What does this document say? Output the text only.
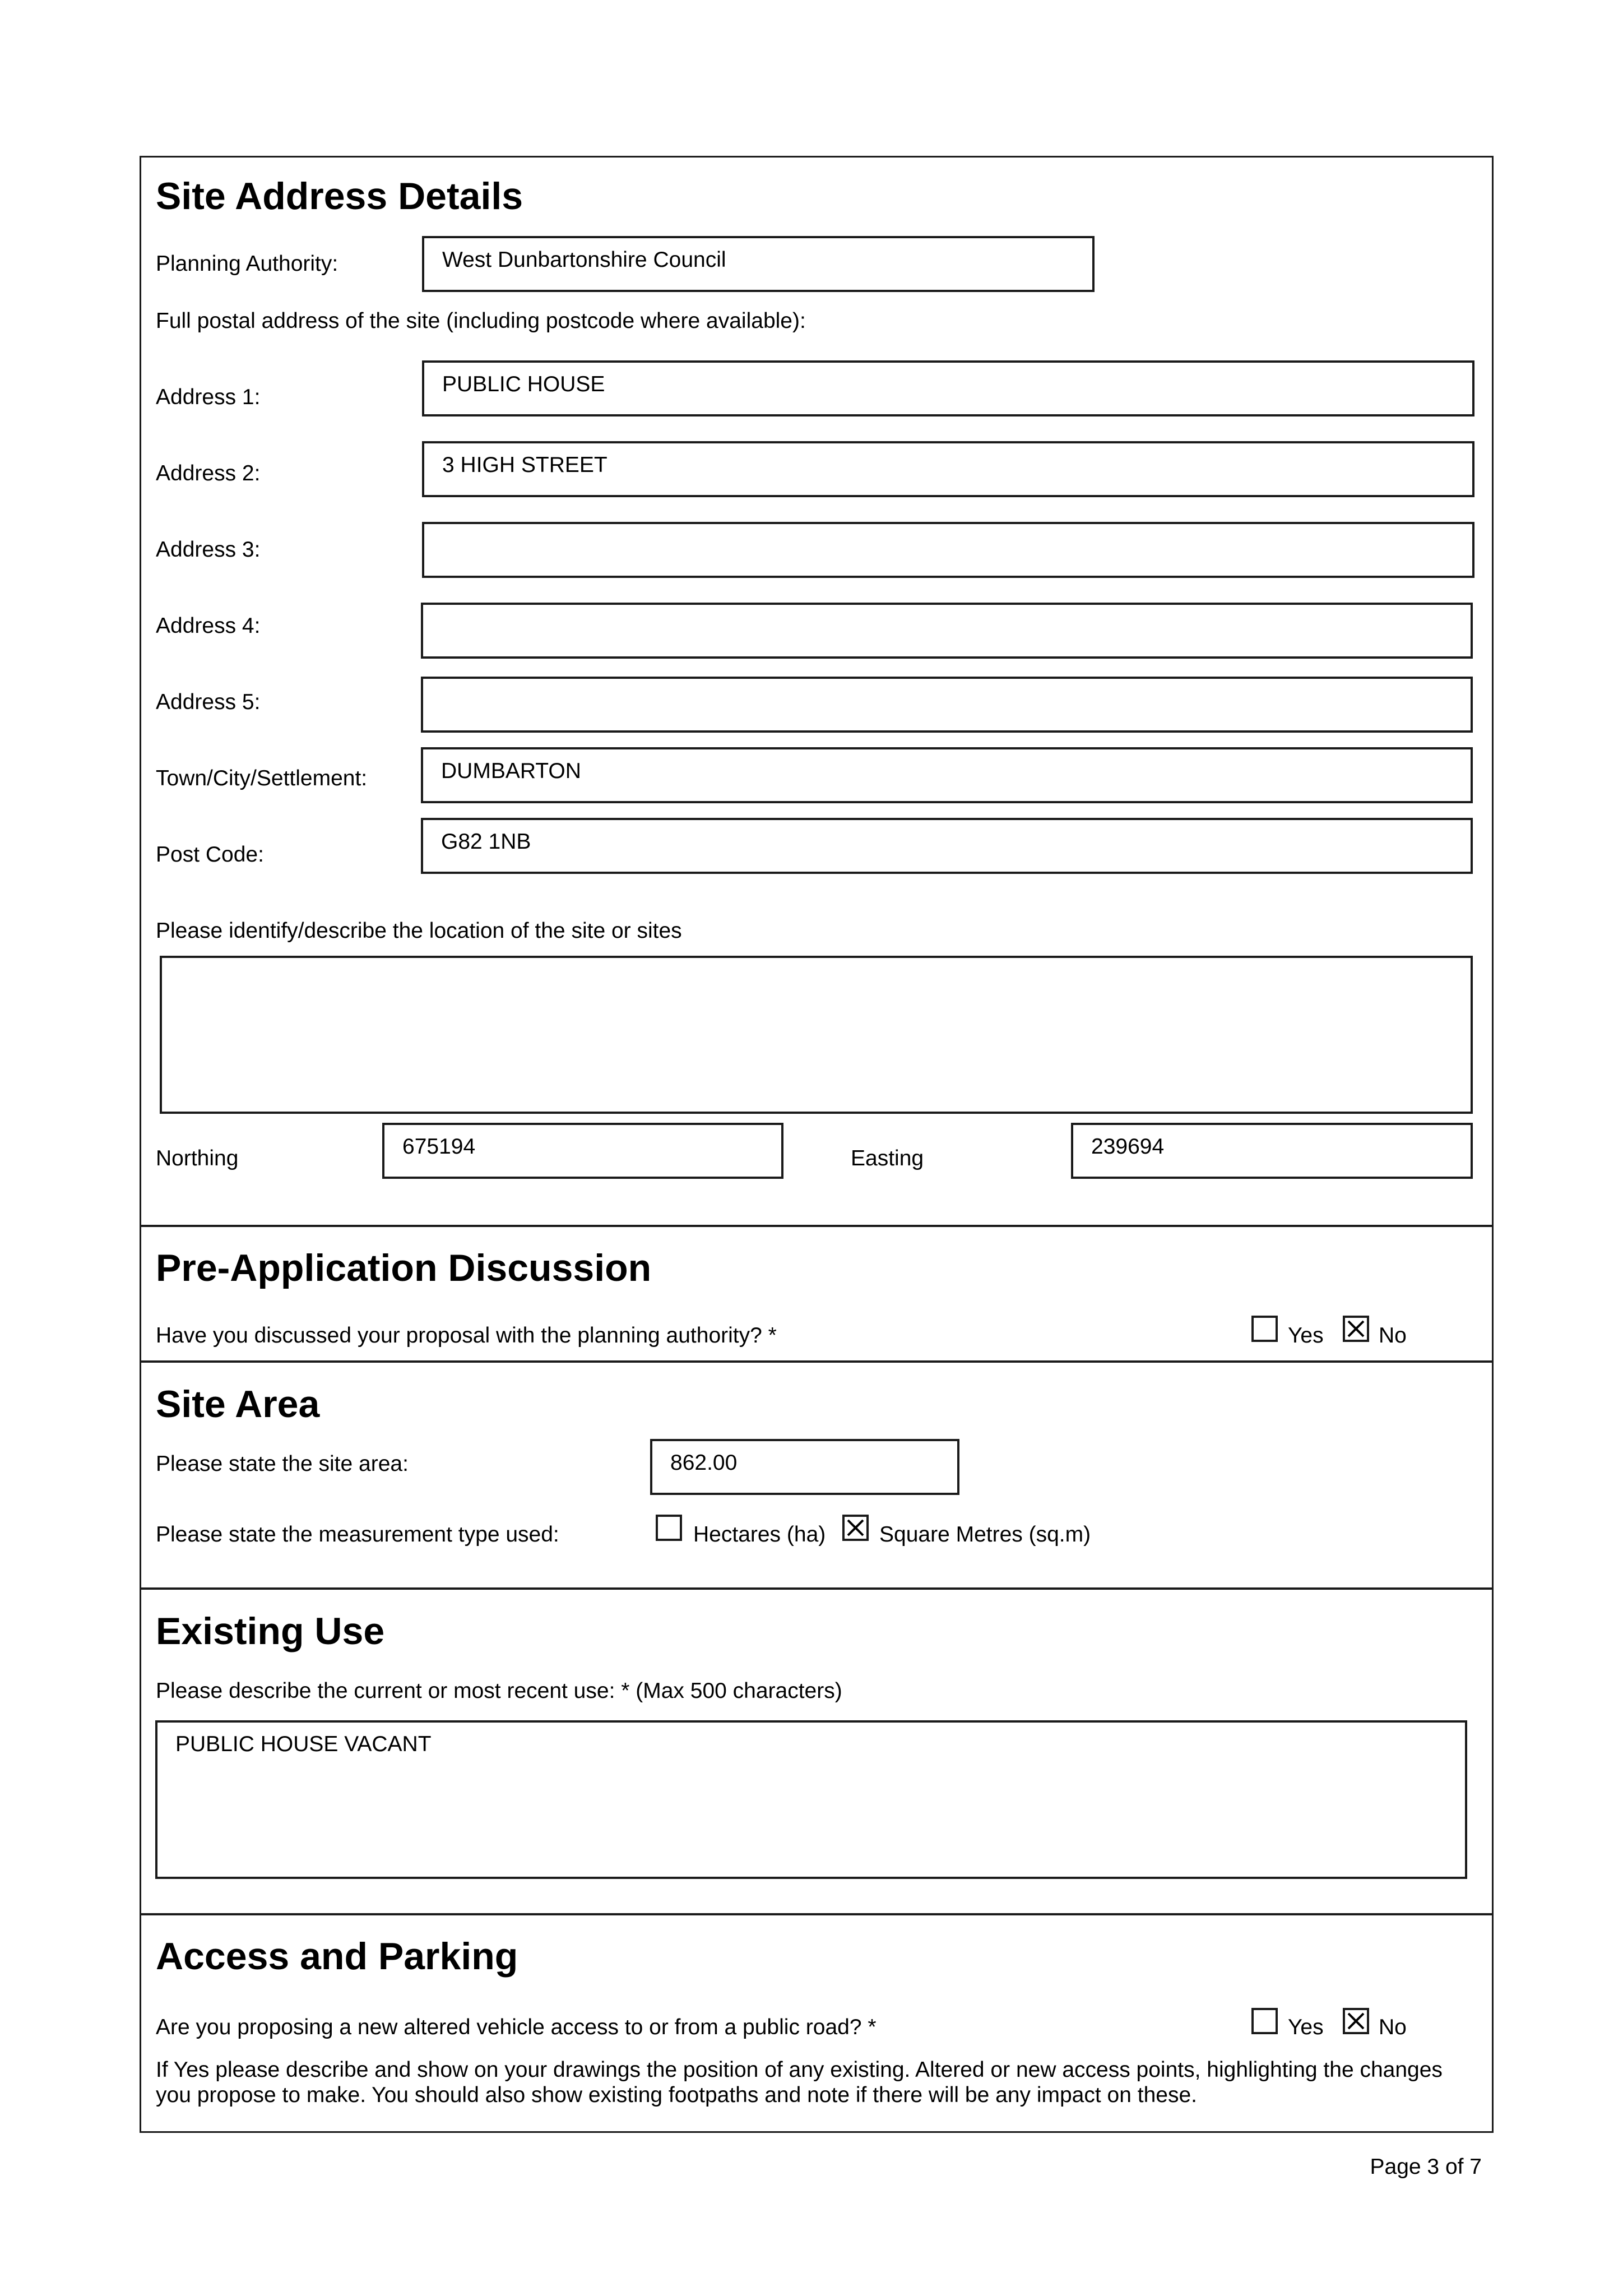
Site Address Details
Planning Authority:	West Dunbartonshire Council
Full postal address of the site (including postcode where available):
Address 1:
PUBLIC HOUSE
Address 2:	3 HIGH STREET
Address 3:
Address 4:
Address 5:
Town/City/Settlement:	DUMBARTON
Post Code:
G82 1NB
Please identify/describe the location of the site or sites
Northing	675194	Easting	239694
Pre-Application Discussion
Have you discussed your proposal with the planning authority? *	Yes	No
Site Area
Please state the site area:	862.00
Please state the measurement type used:	Hectares (ha) Square Metres (sq.m)
Existing Use
Please describe the current or most recent use: * (Max 500 characters)
PUBLIC HOUSE VACANT
Access and Parking
Are you proposing a new altered vehicle access to or from a public road? *	Yes	No
If Yes please describe and show on your drawings the position of any existing. Altered or new access points, highlighting the changes
you propose to make. You should also show existing footpaths and note if there will be any impact on these.
Page 3 of 7
